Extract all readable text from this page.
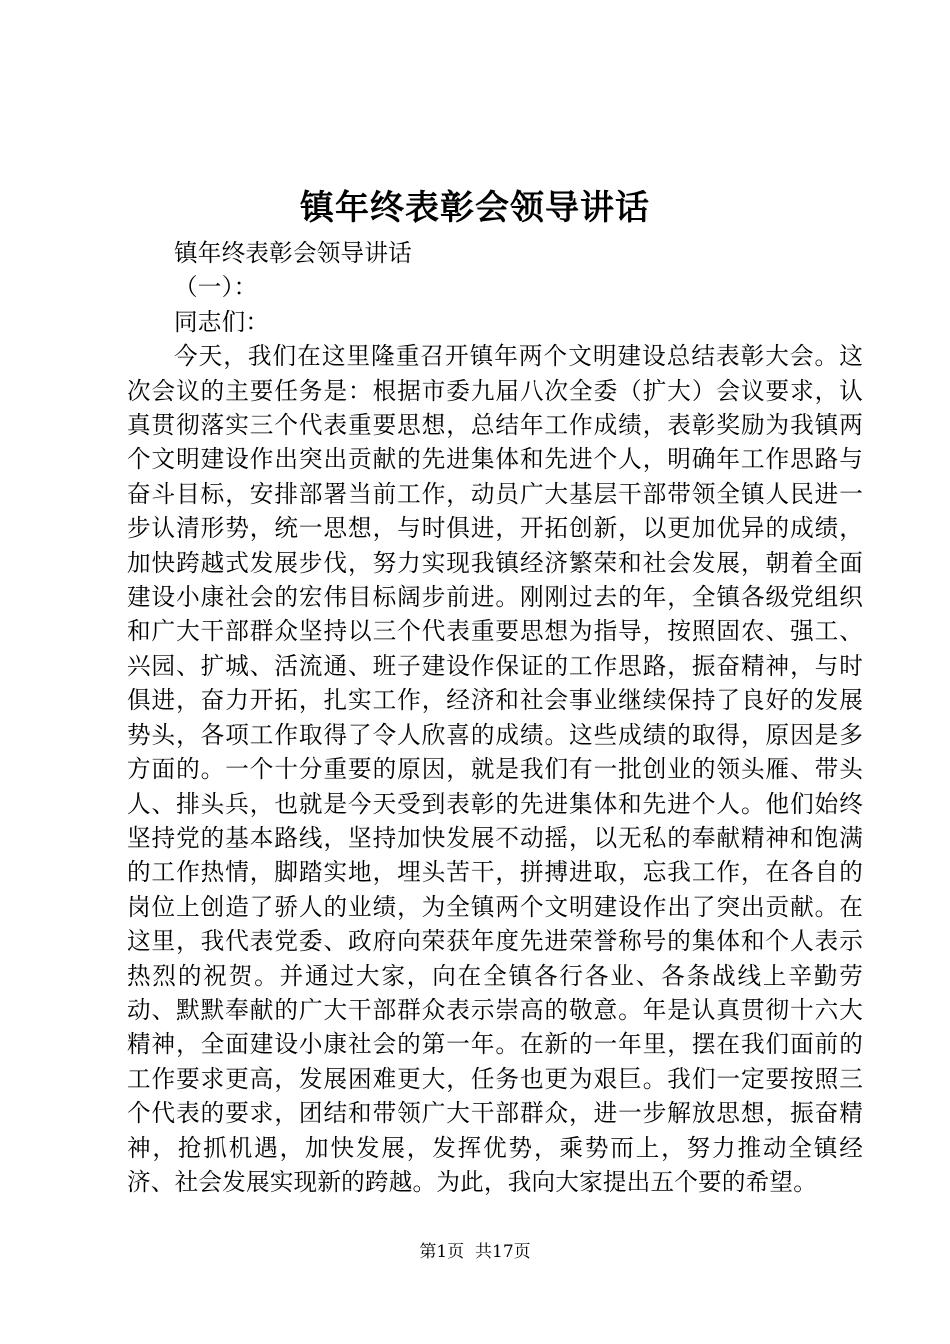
镇年终表彰会领导讲话

镇年终表彰会领导讲话

（一）：

同志们：

今天，我们在这里隆重召开镇年两个文明建设总结表彰大会。这次会议的主要任务是：根据市委九届八次全委（扩大）会议要求，认真贯彻落实三个代表重要思想，总结年工作成绩，表彰奖励为我镇两个文明建设作出突出贡献的先进集体和先进个人，明确年工作思路与奋斗目标，安排部署当前工作，动员广大基层干部带领全镇人民进一步认清形势，统一思想，与时俱进，开拓创新，以更加优异的成绩，加快跨越式发展步伐，努力实现我镇经济繁荣和社会发展，朝着全面建设小康社会的宏伟目标阔步前进。刚刚过去的年，全镇各级党组织和广大干部群众坚持以三个代表重要思想为指导，按照固农、强工、兴园、扩城、活流通、班子建设作保证的工作思路，振奋精神，与时俱进，奋力开拓，扎实工作，经济和社会事业继续保持了良好的发展势头，各项工作取得了令人欣喜的成绩。这些成绩的取得，原因是多方面的。一个十分重要的原因，就是我们有一批创业的领头雁、带头人、排头兵，也就是今天受到表彰的先进集体和先进个人。他们始终坚持党的基本路线，坚持加快发展不动摇，以无私的奉献精神和饱满的工作热情，脚踏实地，埋头苦干，拼搏进取，忘我工作，在各自的岗位上创造了骄人的业绩，为全镇两个文明建设作出了突出贡献。在这里，我代表党委、政府向荣获年度先进荣誉称号的集体和个人表示热烈的祝贺。并通过大家，向在全镇各行各业、各条战线上辛勤劳动、默默奉献的广大干部群众表示崇高的敬意。年是认真贯彻十六大精神，全面建设小康社会的第一年。在新的一年里，摆在我们面前的工作要求更高，发展困难更大，任务也更为艰巨。我们一定要按照三个代表的要求，团结和带领广大干部群众，进一步解放思想，振奋精神，抢抓机遇，加快发展，发挥优势，乘势而上，努力推动全镇经济、社会发展实现新的跨越。为此，我向大家提出五个要的希望。

第1页 共17页
